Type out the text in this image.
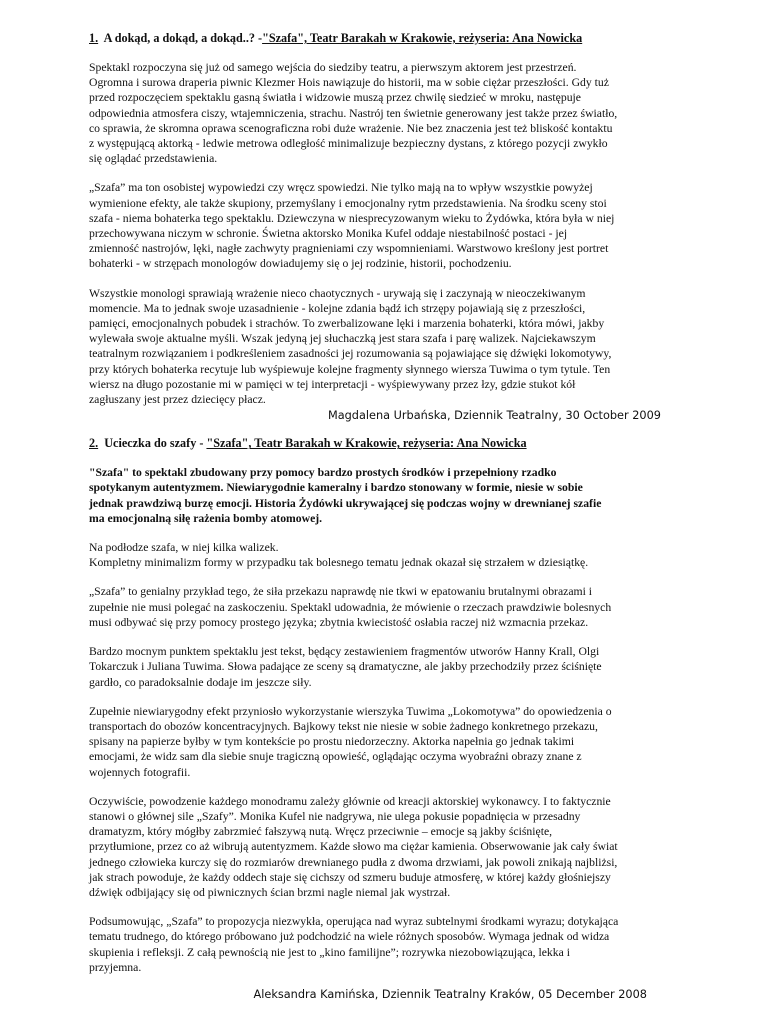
1. A dokąd, a dokąd, a dokąd..? -"Szafa", Teatr Barakah w Krakowie, reżyseria: Ana Nowicka
Spektakl rozpoczyna się już od samego wejścia do siedziby teatru, a pierwszym aktorem jest przestrzeń.
Ogromna i surowa draperia piwnic Klezmer Hois nawiązuje do historii, ma w sobie ciężar przeszłości. Gdy tuż
przed rozpoczęciem spektaklu gasną światła i widzowie muszą przez chwilę siedzieć w mroku, następuje
odpowiednia atmosfera ciszy, wtajemniczenia, strachu. Nastrój ten świetnie generowany jest także przez światło,
co sprawia, że skromna oprawa scenograficzna robi duże wrażenie. Nie bez znaczenia jest też bliskość kontaktu
z występującą aktorką - ledwie metrowa odległość minimalizuje bezpieczny dystans, z którego pozycji zwykło
się oglądać przedstawienia.
„Szafa” ma ton osobistej wypowiedzi czy wręcz spowiedzi. Nie tylko mają na to wpływ wszystkie powyżej
wymienione efekty, ale także skupiony, przemyślany i emocjonalny rytm przedstawienia. Na środku sceny stoi
szafa - niema bohaterka tego spektaklu. Dziewczyna w niesprecyzowanym wieku to Żydówka, która była w niej
przechowywana niczym w schronie. Świetna aktorsko Monika Kufel oddaje niestabilność postaci - jej
zmienność nastrojów, lęki, nagłe zachwyty pragnieniami czy wspomnieniami. Warstwowo kreślony jest portret
bohaterki - w strzępach monologów dowiadujemy się o jej rodzinie, historii, pochodzeniu.
Wszystkie monologi sprawiają wrażenie nieco chaotycznych - urywają się i zaczynają w nieoczekiwanym
momencie. Ma to jednak swoje uzasadnienie - kolejne zdania bądź ich strzępy pojawiają się z przeszłości,
pamięci, emocjonalnych pobudek i strachów. To zwerbalizowane lęki i marzenia bohaterki, która mówi, jakby
wylewała swoje aktualne myśli. Wszak jedyną jej słuchaczką jest stara szafa i parę walizek. Najciekawszym
teatralnym rozwiązaniem i podkreśleniem zasadności jej rozumowania są pojawiające się dźwięki lokomotywy,
przy których bohaterka recytuje lub wyśpiewuje kolejne fragmenty słynnego wiersza Tuwima o tym tytule. Ten
wiersz na długo pozostanie mi w pamięci w tej interpretacji - wyśpiewywany przez łzy, gdzie stukot kół
zagłuszany jest przez dziecięcy płacz.
Magdalena Urbańska, Dziennik Teatralny, 30 October 2009
2. Ucieczka do szafy - "Szafa", Teatr Barakah w Krakowie, reżyseria: Ana Nowicka
"Szafa" to spektakl zbudowany przy pomocy bardzo prostych środków i przepełniony rzadko
spotykanym autentyzmem. Niewiarygodnie kameralny i bardzo stonowany w formie, niesie w sobie
jednak prawdziwą burzę emocji. Historia Żydówki ukrywającej się podczas wojny w drewnianej szafie
ma emocjonalną siłę rażenia bomby atomowej.
Na podłodze szafa, w niej kilka walizek.
Kompletny minimalizm formy w przypadku tak bolesnego tematu jednak okazał się strzałem w dziesiątkę.
„Szafa” to genialny przykład tego, że siła przekazu naprawdę nie tkwi w epatowaniu brutalnymi obrazami i
zupełnie nie musi polegać na zaskoczeniu. Spektakl udowadnia, że mówienie o rzeczach prawdziwie bolesnych
musi odbywać się przy pomocy prostego języka; zbytnia kwiecistość osłabia raczej niż wzmacnia przekaz.
Bardzo mocnym punktem spektaklu jest tekst, będący zestawieniem fragmentów utworów Hanny Krall, Olgi
Tokarczuk i Juliana Tuwima. Słowa padające ze sceny są dramatyczne, ale jakby przechodziły przez ściśnięte
gardło, co paradoksalnie dodaje im jeszcze siły.
Zupełnie niewiarygodny efekt przyniosło wykorzystanie wierszyka Tuwima „Lokomotywa” do opowiedzenia o
transportach do obozów koncentracyjnych. Bajkowy tekst nie niesie w sobie żadnego konkretnego przekazu,
spisany na papierze byłby w tym kontekście po prostu niedorzeczny. Aktorka napełnia go jednak takimi
emocjami, że widz sam dla siebie snuje tragiczną opowieść, oglądając oczyma wyobraźni obrazy znane z
wojennych fotografii.
Oczywiście, powodzenie każdego monodramu zależy głównie od kreacji aktorskiej wykonawcy. I to faktycznie
stanowi o głównej sile „Szafy”. Monika Kufel nie nadgrywa, nie ulega pokusie popadnięcia w przesadny
dramatyzm, który mógłby zabrzmieć fałszywą nutą. Wręcz przeciwnie – emocje są jakby ściśnięte,
przytłumione, przez co aż wibrują autentyzmem. Każde słowo ma ciężar kamienia. Obserwowanie jak cały świat
jednego człowieka kurczy się do rozmiarów drewnianego pudła z dwoma drzwiami, jak powoli znikają najbliżsi,
jak strach powoduje, że każdy oddech staje się cichszy od szmeru buduje atmosferę, w której każdy głośniejszy
dźwięk odbijający się od piwnicznych ścian brzmi nagle niemal jak wystrzał.
Podsumowując, „Szafa” to propozycja niezwykła, operująca nad wyraz subtelnymi środkami wyrazu; dotykająca
tematu trudnego, do którego próbowano już podchodzić na wiele różnych sposobów. Wymaga jednak od widza
skupienia i refleksji. Z całą pewnością nie jest to „kino familijne”; rozrywka niezobowiązująca, lekka i
przyjemna.
Aleksandra Kamińska, Dziennik Teatralny Kraków, 05 December 2008
